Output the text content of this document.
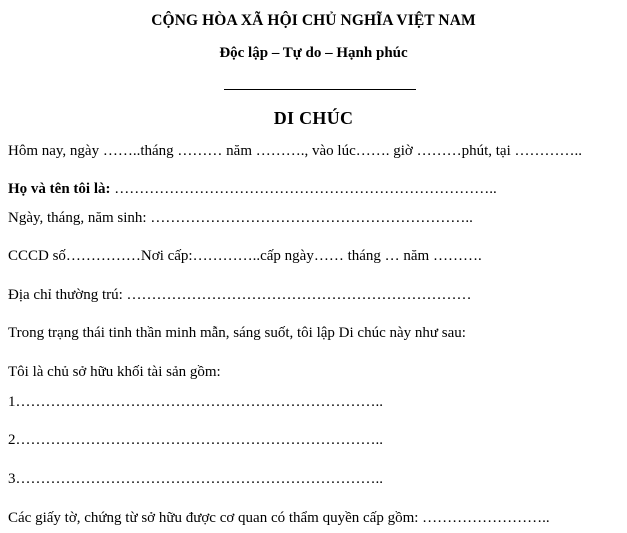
CỘNG HÒA XÃ HỘI CHỦ NGHĨA VIỆT NAM
Độc lập – Tự do – Hạnh phúc
DI CHÚC
Hôm nay, ngày ……..tháng ……… năm ………., vào lúc……. giờ ………phút, tại …………..
Họ và tên tôi là: …………………………………………………………………..
Ngày, tháng, năm sinh: ………………………………………………………..
CCCD số……………Nơi cấp:…………..cấp ngày…… tháng … năm ……….
Địa chỉ thường trú: ……………………………………………………………
Trong trạng thái tinh thần minh mẫn, sáng suốt, tôi lập Di chúc này như sau:
Tôi là chủ sở hữu khối tài sản gồm:
1………………………………………………………………..
2………………………………………………………………..
3………………………………………………………………..
Các giấy tờ, chứng từ sở hữu được cơ quan có thẩm quyền cấp gồm: ……………………..
